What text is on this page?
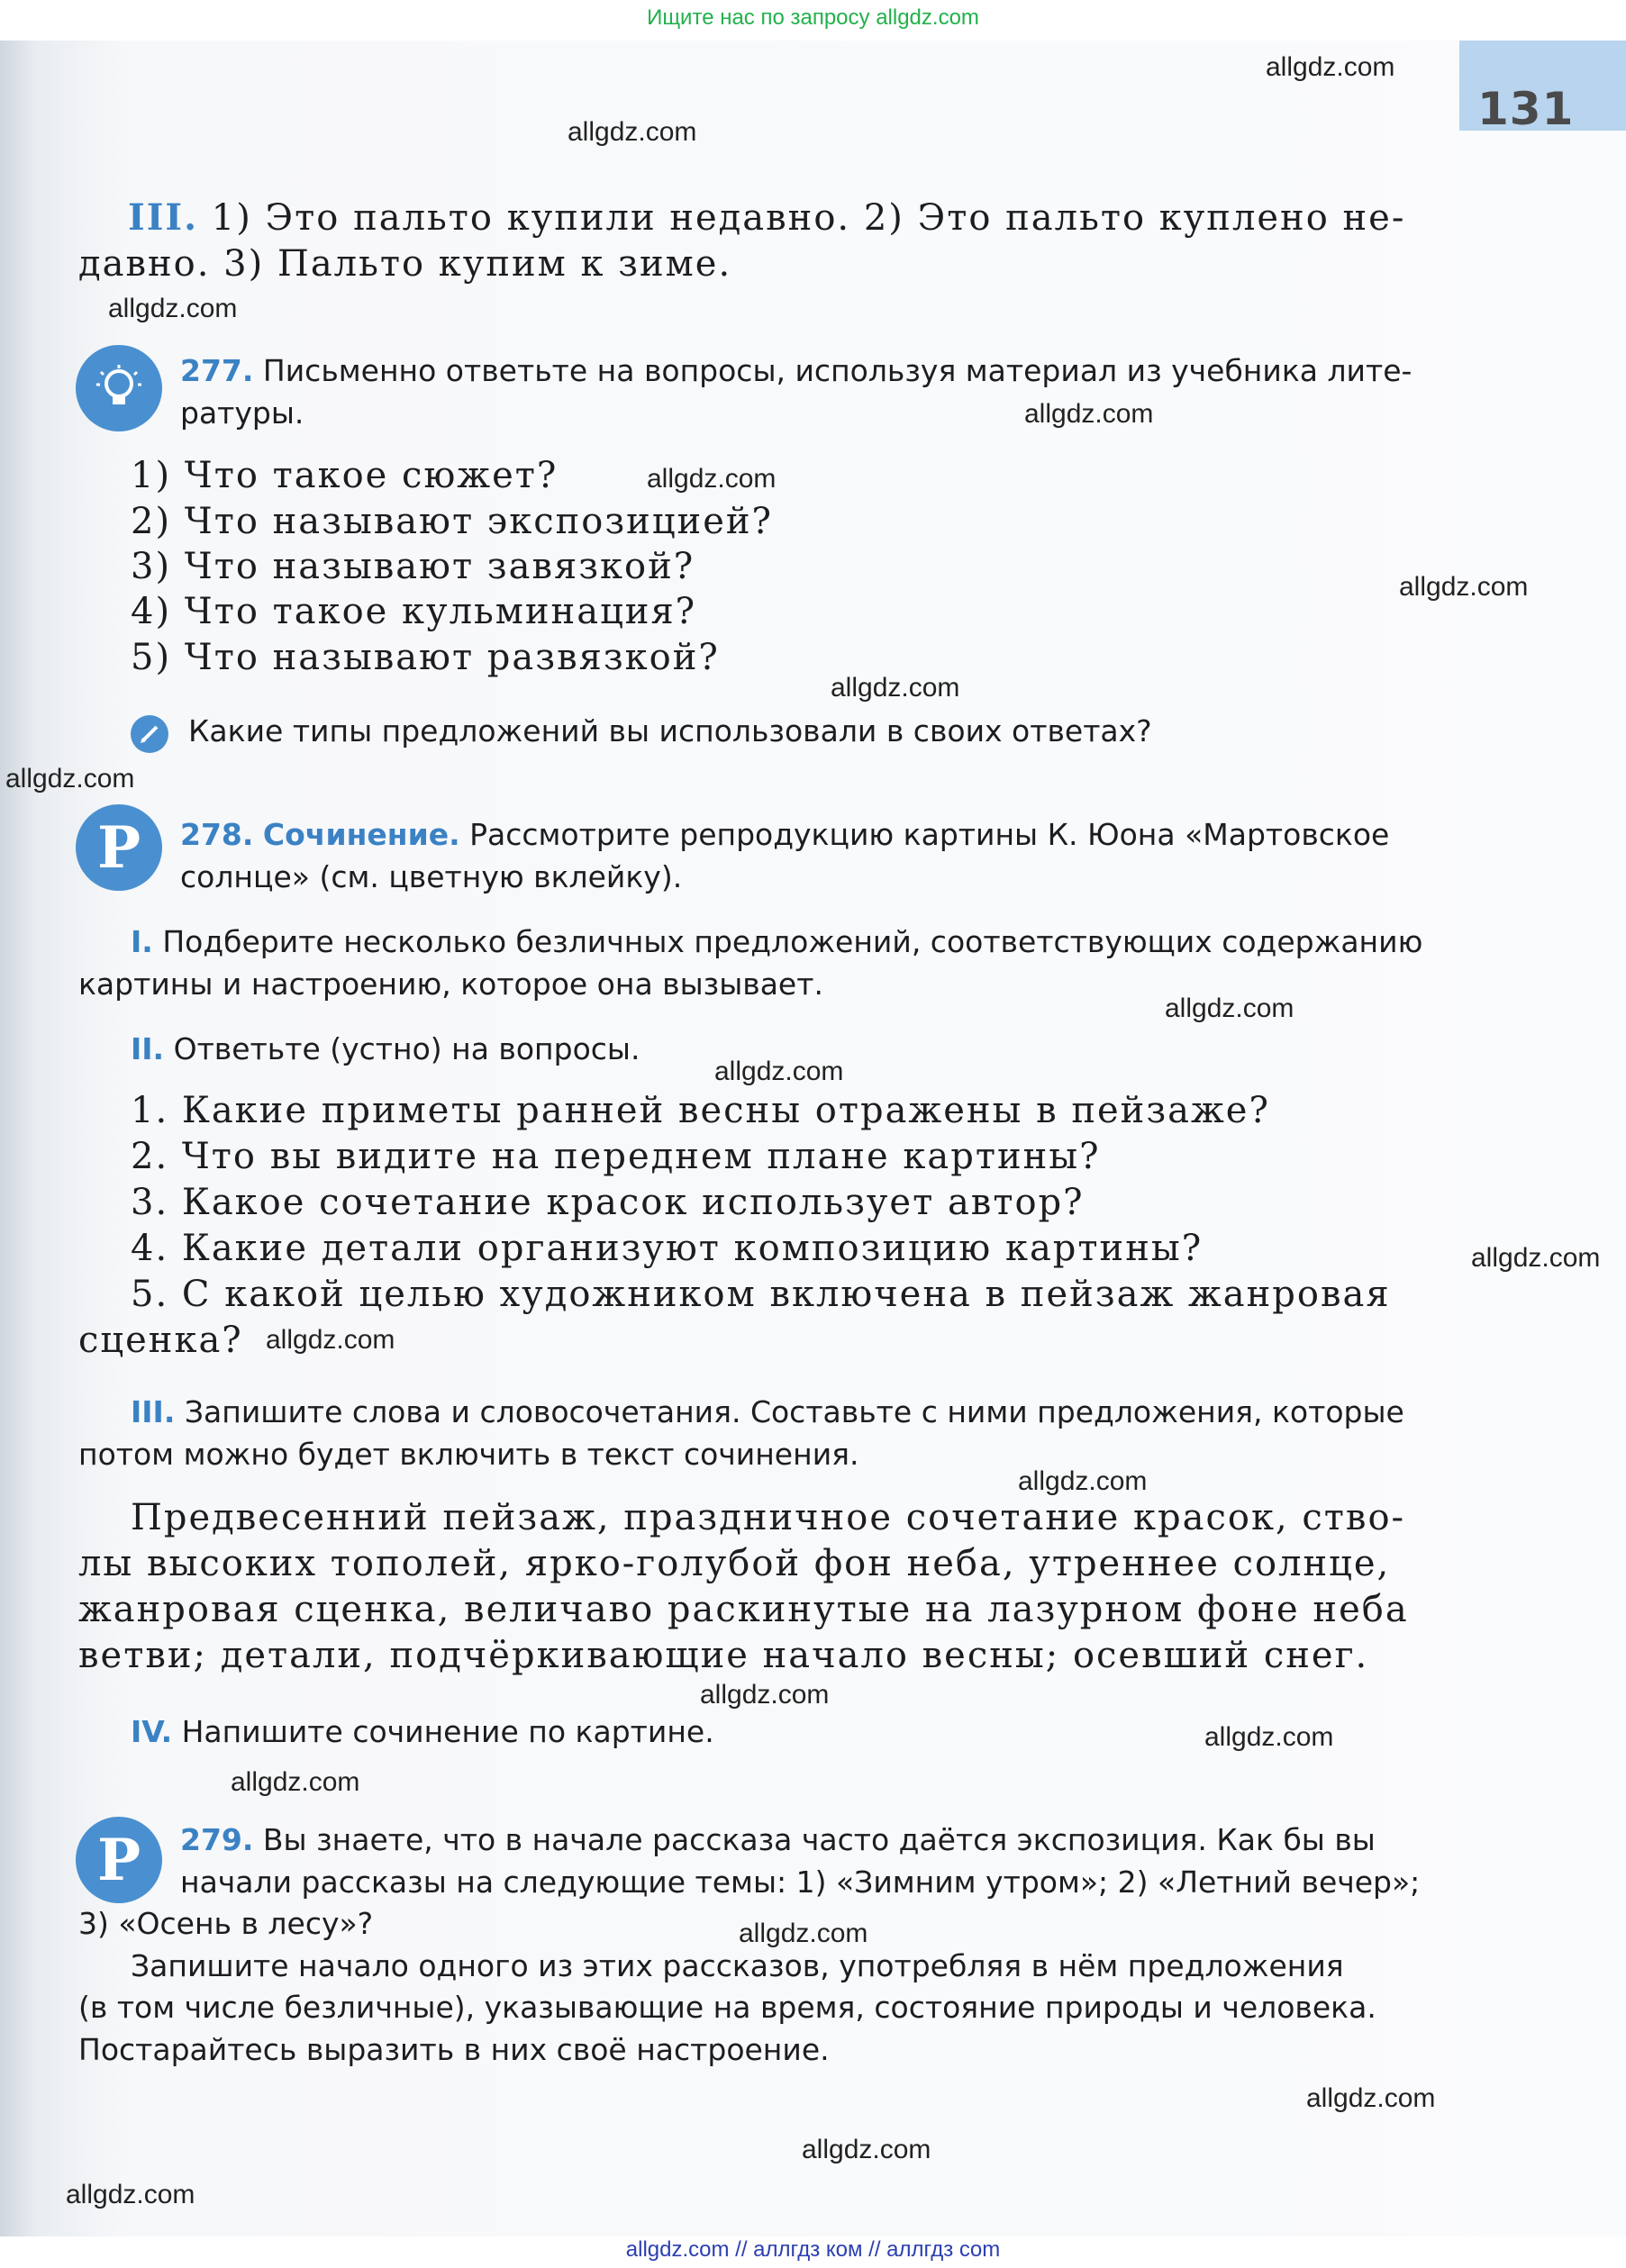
Ищите нас по запросу allgdz.com
131
III. 1) Это пальто купили недавно. 2) Это пальто куплено не-
давно. 3) Пальто купим к зиме.
277. Письменно ответьте на вопросы, используя материал из учебника лите-
ратуры.
1) Что такое сюжет?
2) Что называют экспозицией?
3) Что называют завязкой?
4) Что такое кульминация?
5) Что называют развязкой?
Какие типы предложений вы использовали в своих ответах?
Р 278. Сочинение. Рассмотрите репродукцию картины К. Юона «Мартовское
солнце» (см. цветную вклейку).
I. Подберите несколько безличных предложений, соответствующих содержанию
картины и настроению, которое она вызывает.
II. Ответьте (устно) на вопросы.
1. Какие приметы ранней весны отражены в пейзаже?
2. Что вы видите на переднем плане картины?
3. Какое сочетание красок использует автор?
4. Какие детали организуют композицию картины?
5. С какой целью художником включена в пейзаж жанровая
сценка?
III. Запишите слова и словосочетания. Составьте с ними предложения, которые
потом можно будет включить в текст сочинения.
Предвесенний пейзаж, праздничное сочетание красок, ство-
лы высоких тополей, ярко-голубой фон неба, утреннее солнце,
жанровая сценка, величаво раскинутые на лазурном фоне неба
ветви; детали, подчёркивающие начало весны; осевший снег.
IV. Напишите сочинение по картине.
Р 279. Вы знаете, что в начале рассказа часто даётся экспозиция. Как бы вы
начали рассказы на следующие темы: 1) «Зимним утром»; 2) «Летний вечер»;
3) «Осень в лесу»?
Запишите начало одного из этих рассказов, употребляя в нём предложения
(в том числе безличные), указывающие на время, состояние природы и человека.
Постарайтесь выразить в них своё настроение.
allgdz.com
allgdz.com
allgdz.com
allgdz.com
allgdz.com
allgdz.com
allgdz.com
allgdz.com
allgdz.com
allgdz.com
allgdz.com
allgdz.com
allgdz.com
allgdz.com
allgdz.com
allgdz.com
allgdz.com
allgdz.com
allgdz.com
allgdz.com
allgdz.com // аллгдз ком // аллгдз com
